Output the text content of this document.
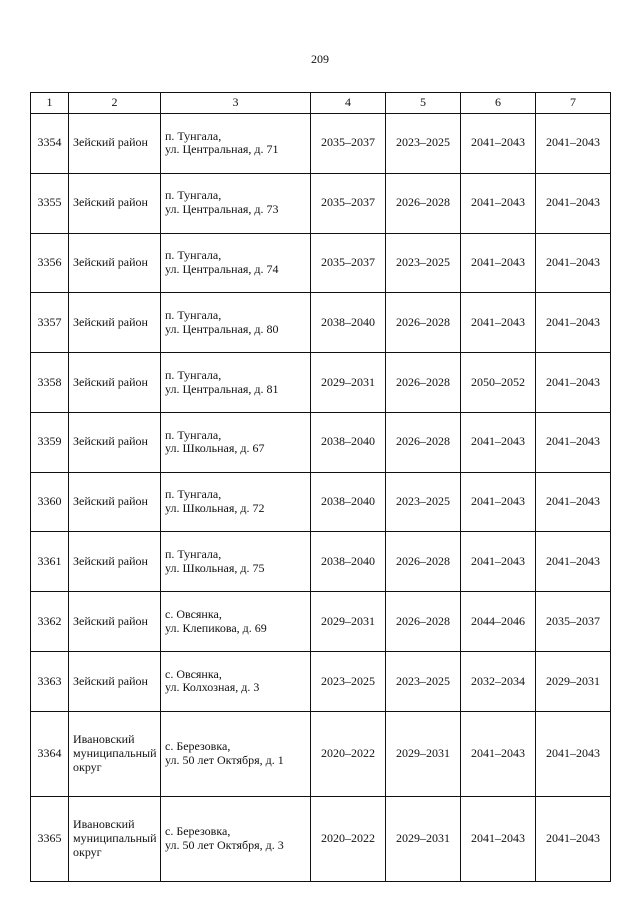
209
1	2	3	4	5	6	7
3354	Зейский район	п. Тунгала,
ул. Центральная, д. 71	2035–2037	2023–2025	2041–2043	2041–2043
3355	Зейский район	п. Тунгала,
ул. Центральная, д. 73	2035–2037	2026–2028	2041–2043	2041–2043
3356	Зейский район	п. Тунгала,
ул. Центральная, д. 74	2035–2037	2023–2025	2041–2043	2041–2043
3357	Зейский район	п. Тунгала,
ул. Центральная, д. 80	2038–2040	2026–2028	2041–2043	2041–2043
3358	Зейский район	п. Тунгала,
ул. Центральная, д. 81	2029–2031	2026–2028	2050–2052	2041–2043
3359	Зейский район	п. Тунгала,
ул. Школьная, д. 67	2038–2040	2026–2028	2041–2043	2041–2043
3360	Зейский район	п. Тунгала,
ул. Школьная, д. 72	2038–2040	2023–2025	2041–2043	2041–2043
3361	Зейский район	п. Тунгала,
ул. Школьная, д. 75	2038–2040	2026–2028	2041–2043	2041–2043
3362	Зейский район	с. Овсянка,
ул. Клепикова, д. 69	2029–2031	2026–2028	2044–2046	2035–2037
3363	Зейский район	с. Овсянка,
ул. Колхозная, д. 3	2023–2025	2023–2025	2032–2034	2029–2031
3364	Ивановский муниципальный округ	с. Березовка,
ул. 50 лет Октября, д. 1	2020–2022	2029–2031	2041–2043	2041–2043
3365	Ивановский муниципальный округ	с. Березовка,
ул. 50 лет Октября, д. 3	2020–2022	2029–2031	2041–2043	2041–2043
